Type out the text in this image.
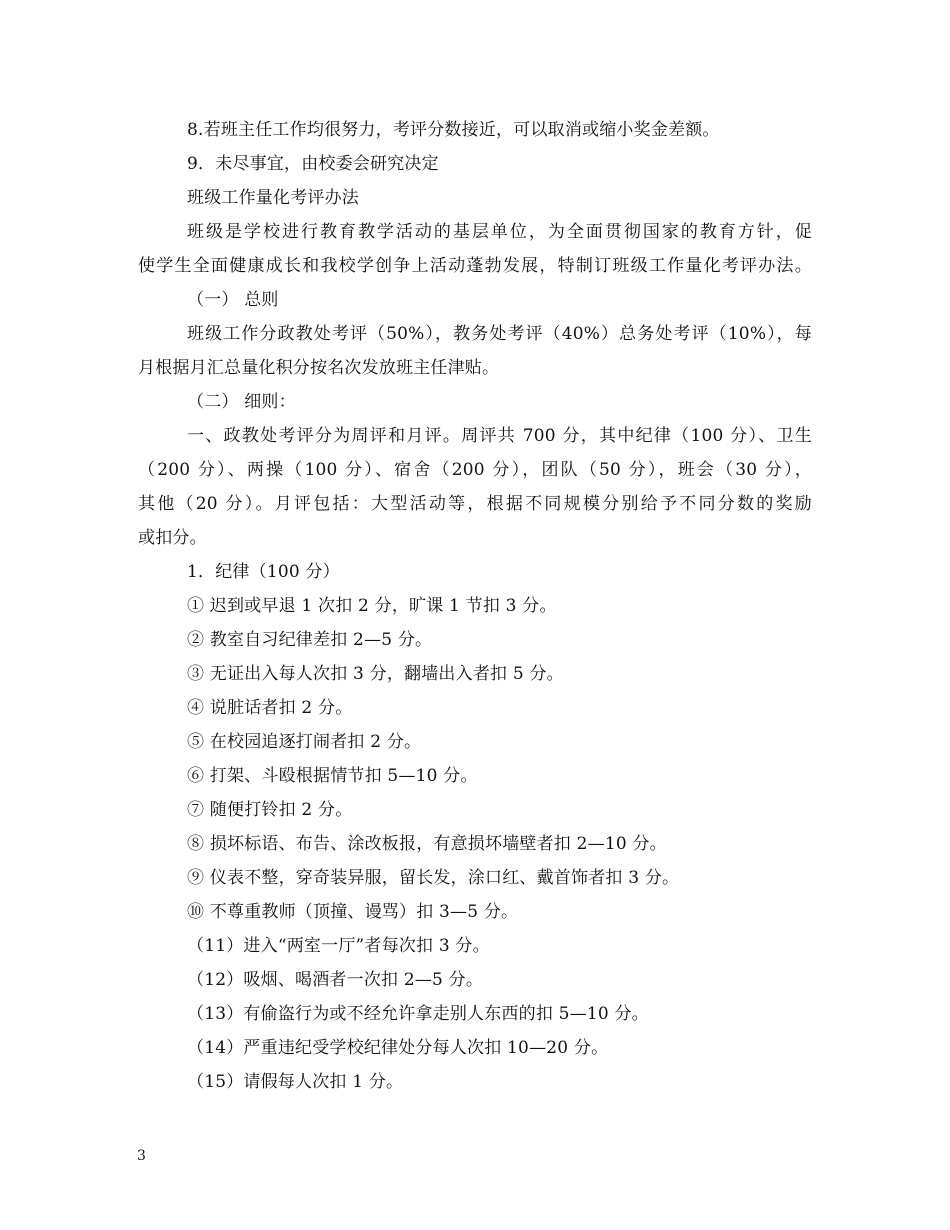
8.若班主任工作均很努力，考评分数接近，可以取消或缩小奖金差额。
9．未尽事宜，由校委会研究决定
班级工作量化考评办法
班级是学校进行教育教学活动的基层单位，为全面贯彻国家的教育方针，促
使学生全面健康成长和我校学创争上活动蓬勃发展，特制订班级工作量化考评办法。
（一） 总则
班级工作分政教处考评（50%），教务处考评（40%）总务处考评（10%），每
月根据月汇总量化积分按名次发放班主任津贴。
（二） 细则：
一、政教处考评分为周评和月评。周评共 700 分，其中纪律（100 分）、卫生
（200 分）、两操（100 分）、宿舍（200 分），团队（50 分），班会（30 分），
其他（20 分）。月评包括：大型活动等，根据不同规模分别给予不同分数的奖励
或扣分。
1．纪律（100 分）
① 迟到或早退 1 次扣 2 分，旷课 1 节扣 3 分。
② 教室自习纪律差扣 2—5 分。
③ 无证出入每人次扣 3 分，翻墙出入者扣 5 分。
④ 说脏话者扣 2 分。
⑤ 在校园追逐打闹者扣 2 分。
⑥ 打架、斗殴根据情节扣 5—10 分。
⑦ 随便打铃扣 2 分。
⑧ 损坏标语、布告、涂改板报，有意损坏墙壁者扣 2—10 分。
⑨ 仪表不整，穿奇装异服，留长发，涂口红、戴首饰者扣 3 分。
⑩ 不尊重教师（顶撞、谩骂）扣 3—5 分。
（11）进入“两室一厅”者每次扣 3 分。
（12）吸烟、喝酒者一次扣 2—5 分。
（13）有偷盗行为或不经允许拿走别人东西的扣 5—10 分。
（14）严重违纪受学校纪律处分每人次扣 10—20 分。
（15）请假每人次扣 1 分。
3
